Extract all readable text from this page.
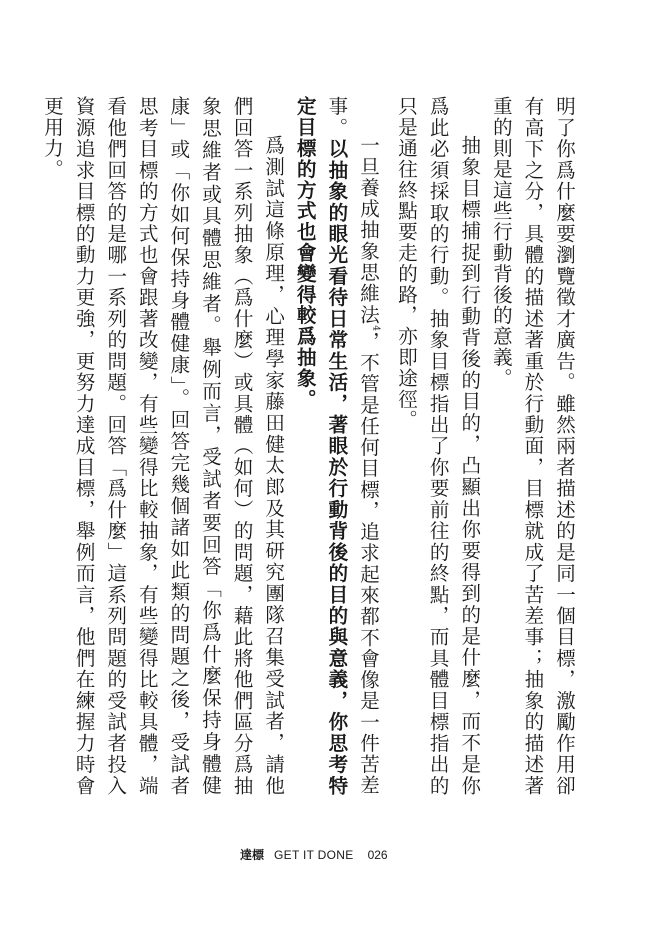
明了你爲什麼要瀏覽徵才廣告。雖然兩者描述的是同一個目標，激勵作用卻有高下之分，具體的描述著重於行動面，目標就成了苦差事；抽象的描述著重的則是這些行動背後的意義。

抽象目標捕捉到行動背後的目的，凸顯出你要得到的是什麼，而不是你爲此必須採取的行動。抽象目標指出了你要前往的終點，而具體目標指出的只是通往終點要走的路，亦即途徑。

一旦養成抽象思維法$^4$，不管是任何目標，追求起來都不會像是一件苦差事。以抽象的眼光看待日常生活，著眼於行動背後的目的與意義，你思考特定目標的方式也會變得較爲抽象。

爲測試這條原理，心理學家藤田健太郎及其研究團隊召集受試者，請他們回答一系列抽象（爲什麼）或具體（如何）的問題，藉此將他們區分爲抽象思維者或具體思維者。舉例而言，受試者要回答「你爲什麼保持身體健康」或「你如何保持身體健康」。回答完幾個諸如此類的問題之後，受試者思考目標的方式也會跟著改變，有些變得比較抽象，有些變得比較具體，端看他們回答的是哪一系列的問題。回答「爲什麼」這系列問題的受試者投入資源追求目標的動力更強，更努力達成目標，舉例而言，他們在練握力時會更用力。

達標 GET IT DONE 026
